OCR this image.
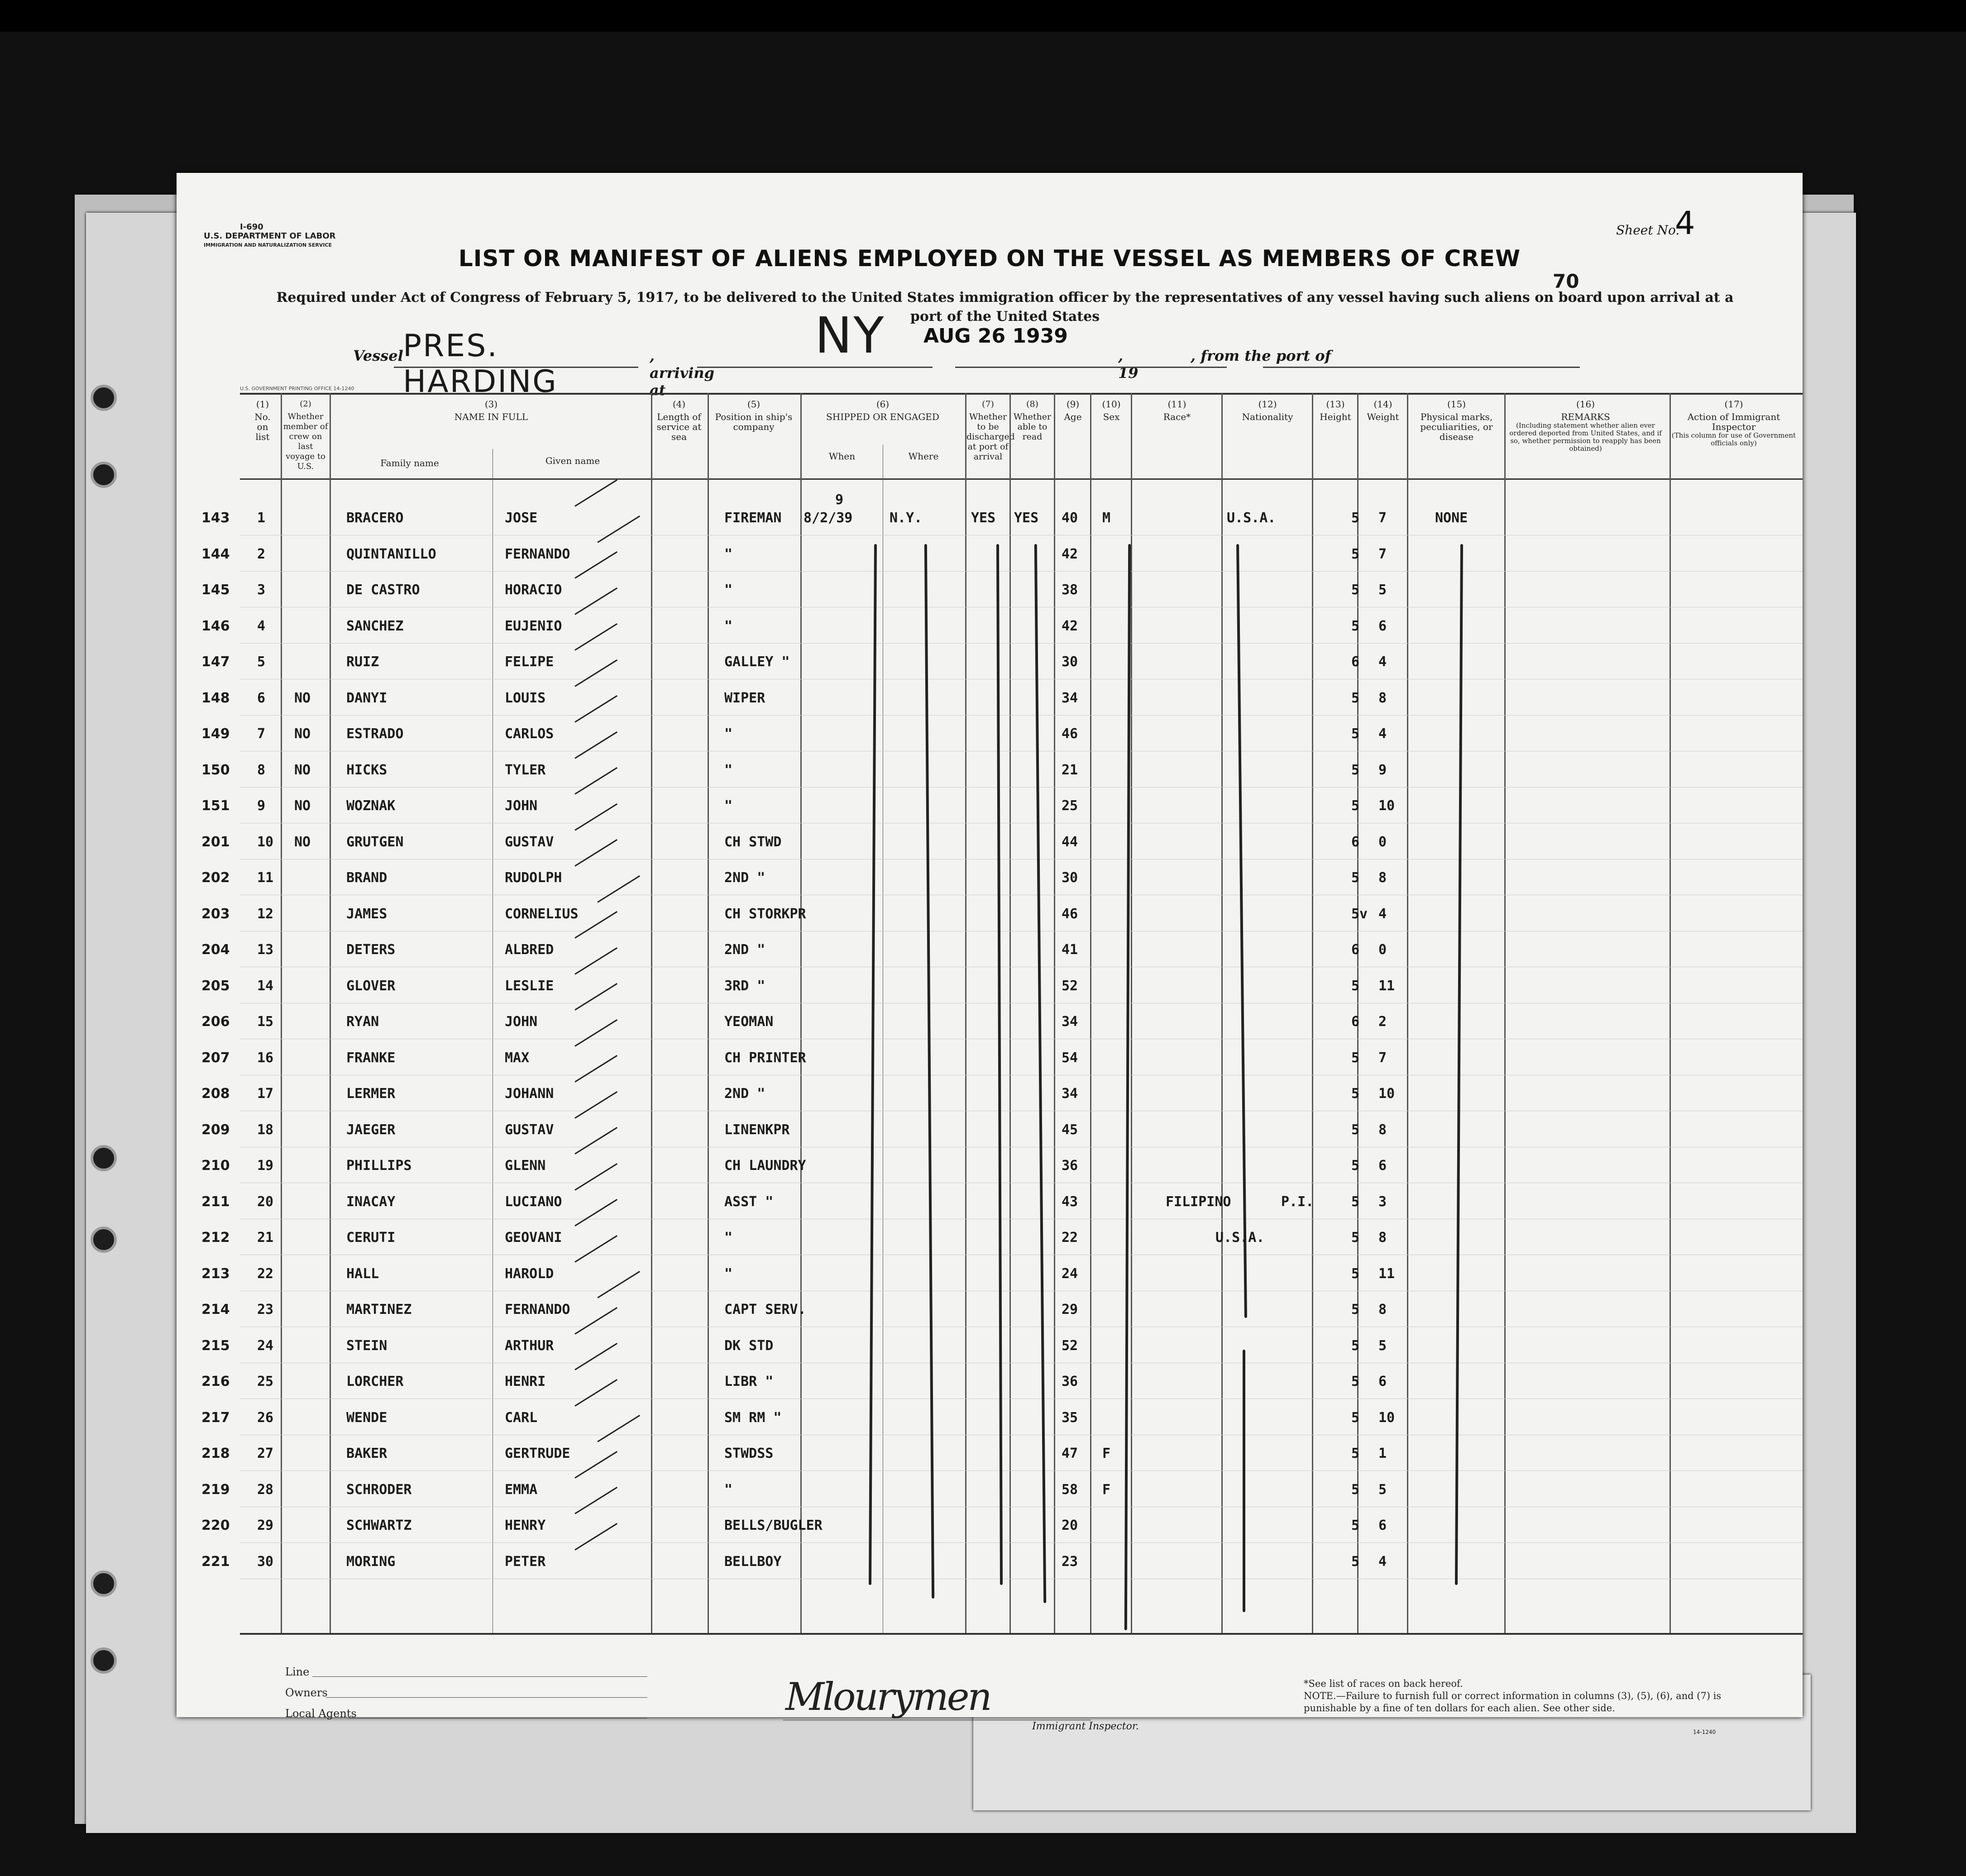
I-690
U.S. DEPARTMENT OF LABOR
IMMIGRATION AND NATURALIZATION SERVICE
Sheet No.
4
LIST OR MANIFEST OF ALIENS EMPLOYED ON THE VESSEL AS MEMBERS OF CREW
70
Required under Act of Congress of February 5, 1917, to be delivered to the United States immigration officer by the representatives of any vessel having such aliens on board upon arrival at a port of the United States
AUG 26 1939
Vessel PRES. HARDING
, arriving at
NY	, 19
, from the port of
U.S. GOVERNMENT PRINTING OFFICE 14-1240
(1)
No. on list
(2)
Whether member of crew on last voyage to U.S.
(3)
NAME IN FULL
Family name	Given name
(4)
Length of service at sea
(5)
Position in ship's company
(6)
SHIPPED OR ENGAGED
When	Where
(7)
Whether to be discharged at port of arrival
(8)
Whether able to read
(9)
Age
(10)
Sex
(11)
Race*
(12)
Nationality
(13)
Height
(14)
Weight
(15)
Physical marks, peculiarities, or disease
(16)
REMARKS
(Including statement whether alien ever ordered deported from United States, and if so, whether permission to reapply has been obtained)
(17)
Action of Immigrant Inspector
(This column for use of Government officials only)
143 1	BRACERO	JOSE	FIREMAN 8/2/39	N.Y.	YES YES 40 M	U.S.A.	5 7	NONE
9
144 2	QUINTANILLO	FERNANDO	"	42	5 7
145 3	DE CASTRO	HORACIO	"	38	5 5
146 4	SANCHEZ	EUJENIO	"	42	5 6
147 5	RUIZ	FELIPE	GALLEY "	30	6 4
148 6 NO	DANYI	LOUIS	WIPER	34	5 8
149 7 NO	ESTRADO	CARLOS	"	46	5 4
150 8 NO	HICKS	TYLER	"	21	5 9
151 9 NO	WOZNAK	JOHN	"	25	5 10
201 10 NO	GRUTGEN	GUSTAV	CH STWD	44	6 0
202 11	BRAND	RUDOLPH	2ND "	30	5 8
203 12	JAMES	CORNELIUS	CH STORKPR	46	5v 4
204 13	DETERS	ALBRED	2ND "	41	6 0
205 14	GLOVER	LESLIE	3RD "	52	5 11
206 15	RYAN	JOHN	YEOMAN	34	6 2
207 16	FRANKE	MAX	CH PRINTER	54	5 7
208 17	LERMER	JOHANN	2ND "	34	5 10
209 18	JAEGER	GUSTAV	LINENKPR	45	5 8
210 19	PHILLIPS	GLENN	CH LAUNDRY	36	5 6
211 20	INACAY	LUCIANO	ASST "	43	FILIPINO	P.I.	5 3
212 21	CERUTI	GEOVANI	"	22	U.S.A.	5 8
213 22	HALL	HAROLD	"	24	5 11
214 23	MARTINEZ	FERNANDO	CAPT SERV.	29	5 8
215 24	STEIN	ARTHUR	DK STD	52	5 5
216 25	LORCHER	HENRI	LIBR "	36	5 6
217 26	WENDE	CARL	SM RM "	35	5 10
218 27	BAKER	GERTRUDE	STWDSS	47 F	5 1
219 28	SCHRODER	EMMA	"	58 F	5 5
220 29	SCHWARTZ	HENRY	BELLS/BUGLER	20	5 6
221 30	MORING	PETER	BELLBOY	23	5 4
Line
Owners
Local Agents	Mlourymen
Immigrant Inspector.
*See list of races on back hereof.
NOTE.—Failure to furnish full or correct information in columns (3), (5), (6), and (7) is punishable by a fine of ten dollars for each alien. See other side.
14-1240
